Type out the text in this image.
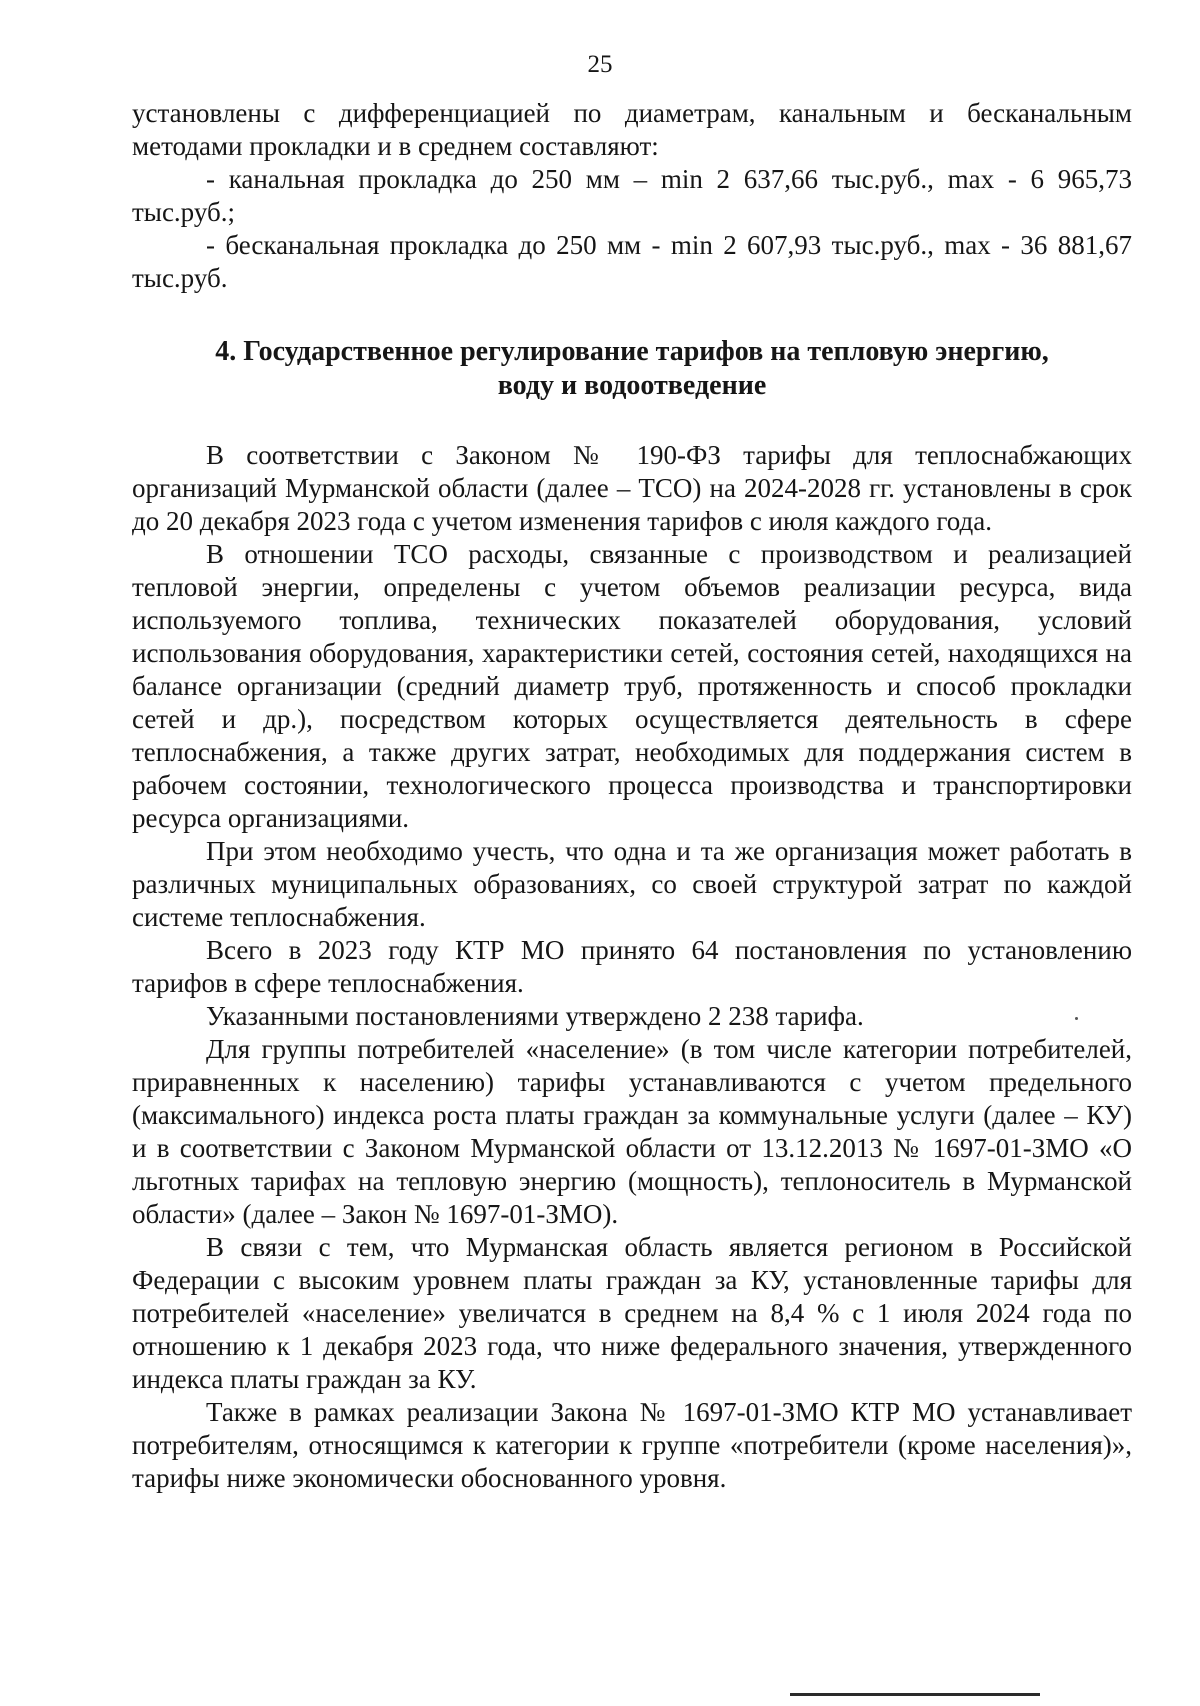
25

установлены с дифференциацией по диаметрам, канальным и бесканальным методами прокладки и в среднем составляют:

- канальная прокладка до 250 мм – min 2 637,66 тыс.руб., max - 6 965,73 тыс.руб.;

- бесканальная прокладка до 250 мм - min 2 607,93 тыс.руб., max - 36 881,67 тыс.руб.

4. Государственное регулирование тарифов на тепловую энергию,
воду и водоотведение

В соответствии с Законом № 190-ФЗ тарифы для теплоснабжающих организаций Мурманской области (далее – ТСО) на 2024-2028 гг. установлены в срок до 20 декабря 2023 года с учетом изменения тарифов с июля каждого года.

В отношении ТСО расходы, связанные с производством и реализацией тепловой энергии, определены с учетом объемов реализации ресурса, вида используемого топлива, технических показателей оборудования, условий использования оборудования, характеристики сетей, состояния сетей, находящихся на балансе организации (средний диаметр труб, протяженность и способ прокладки сетей и др.), посредством которых осуществляется деятельность в сфере теплоснабжения, а также других затрат, необходимых для поддержания систем в рабочем состоянии, технологического процесса производства и транспортировки ресурса организациями.

При этом необходимо учесть, что одна и та же организация может работать в различных муниципальных образованиях, со своей структурой затрат по каждой системе теплоснабжения.

Всего в 2023 году КТР МО принято 64 постановления по установлению тарифов в сфере теплоснабжения.

Указанными постановлениями утверждено 2 238 тарифа.

Для группы потребителей «население» (в том числе категории потребителей, приравненных к населению) тарифы устанавливаются с учетом предельного (максимального) индекса роста платы граждан за коммунальные услуги (далее – КУ) и в соответствии с Законом Мурманской области от 13.12.2013 № 1697-01-ЗМО «О льготных тарифах на тепловую энергию (мощность), теплоноситель в Мурманской области» (далее – Закон № 1697-01-ЗМО).

В связи с тем, что Мурманская область является регионом в Российской Федерации с высоким уровнем платы граждан за КУ, установленные тарифы для потребителей «население» увеличатся в среднем на 8,4 % с 1 июля 2024 года по отношению к 1 декабря 2023 года, что ниже федерального значения, утвержденного индекса платы граждан за КУ.

Также в рамках реализации Закона № 1697-01-ЗМО КТР МО устанавливает потребителям, относящимся к категории к группе «потребители (кроме населения)», тарифы ниже экономически обоснованного уровня.
